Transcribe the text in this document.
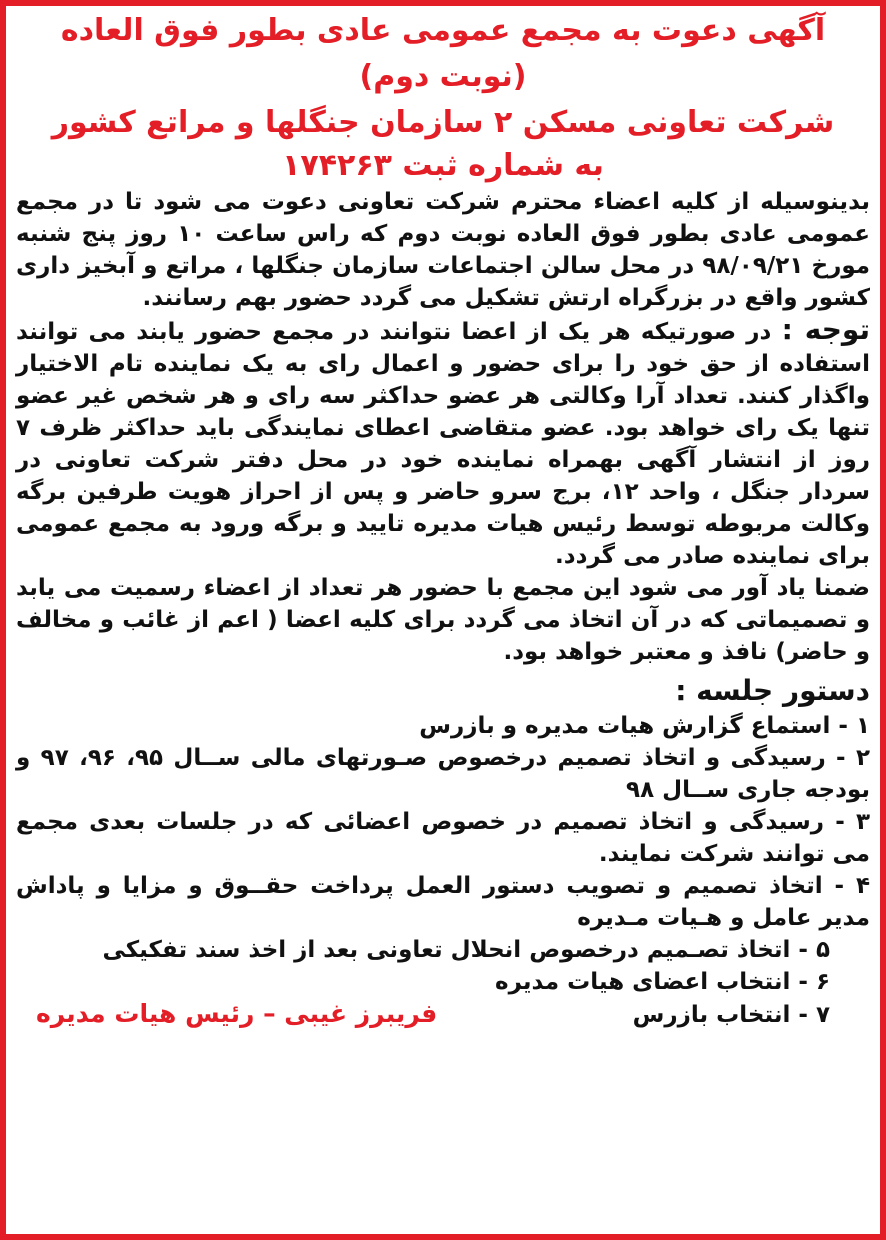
آگهی دعوت به مجمع عمومی عادی بطور فوق العاده (نوبت دوم)
شرکت تعاونی مسکن ۲ سازمان جنگلها و مراتع کشور
به شماره ثبت ۱۷۴۲۶۳

بدینوسیله از کلیه اعضاء محترم شرکت تعاونی دعوت می شود تا در مجمع عمومی عادی بطور فوق العاده نوبت دوم که راس ساعت ۱۰ روز پنج شنبه مورخ ۹۸/۰۹/۲۱ در محل سالن اجتماعات سازمان جنگلها ، مراتع و آبخیز داری کشور واقع در بزرگراه ارتش تشکیل می گردد حضور بهم رسانند.

توجه : در صورتیکه هر یک از اعضا نتوانند در مجمع حضور یابند می توانند استفاده از حق خود را برای حضور و اعمال رای به یک نماینده تام الاختیار واگذار کنند. تعداد آرا وکالتی هر عضو حداکثر سه رای و هر شخص غیر عضو تنها یک رای خواهد بود. عضو متقاضی اعطای نمایندگی باید حداکثر ظرف ۷ روز از انتشار آگهی بهمراه نماینده خود در محل دفتر شرکت تعاونی در سردار جنگل ، واحد ۱۲، برج سرو حاضر و پس از احراز هویت طرفین برگه وکالت مربوطه توسط رئیس هیات مدیره تایید و برگه ورود به مجمع عمومی برای نماینده صادر می گردد.

ضمنا یاد آور می شود این مجمع با حضور هر تعداد از اعضاء رسمیت می یابد و تصمیماتی که در آن اتخاذ می گردد برای کلیه اعضا ( اعم از غائب و مخالف و حاضر) نافذ و معتبر خواهد بود.

دستور جلسه :
۱ - استماع گزارش هیات مدیره و بازرس
۲ - رسیدگی و اتخاذ تصمیم درخصوص صـورتهای مالی ســال ۹۵، ۹۶، ۹۷ و بودجه جاری ســال ۹۸
۳ - رسیدگی و اتخاذ تصمیم در خصوص اعضائی که در جلسات بعدی مجمع می توانند شرکت نمایند.
۴ - اتخاذ تصمیم و تصویب دستور العمل پرداخت حقــوق و مزایا و پاداش مدیر عامل و هـیات مـدیره
۵ - اتخاذ تصـمیم درخصوص انحلال تعاونی بعد از اخذ سند تفکیکی
۶ - انتخاب اعضای هیات مدیره
۷ - انتخاب بازرس
فریبرز غیبی – رئیس هیات مدیره
